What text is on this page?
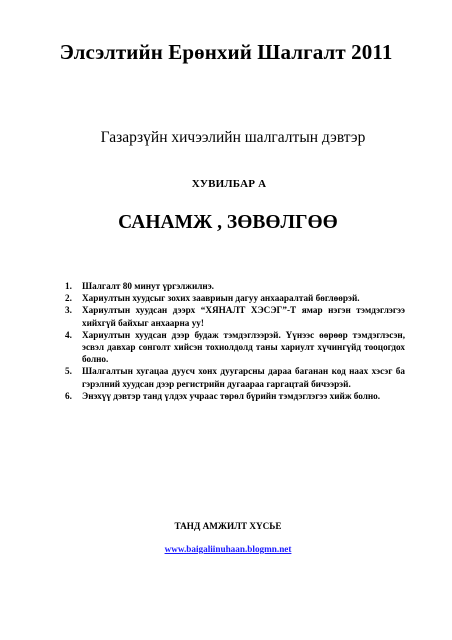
Элсэлтийн Ерөнхий Шалгалт 2011
Газарзүйн хичээлийн шалгалтын дэвтэр
ХУВИЛБАР А
САНАМЖ , ЗӨВӨЛГӨӨ
1.	Шалгалт 80 минут үргэлжилнэ.
2.	Хариултын хуудсыг зохих заавриын дагуу анхааралтай бөглөөрэй.
3.	Хариултын хуудсан дээрх “ХЯНАЛТ ХЭСЭГ”-Т ямар нэгэн тэмдэглэгээ хийхгүй байхыг анхаарна уу!
4.	Хариултын хуудсан дээр будаж тэмдэглээрэй. Үүнээс өөрөөр тэмдэглэсэн, эсвэл давхар сонголт хийсэн тохиолдолд таны хариулт хүчингүйд тооцогдох болно.
5.	Шалгалтын хугацаа дууcч хонх дуугарсны дараа баганан код наах хэсэг ба гэрэлний хуудсан дээр регистрийн дугаараа гаргацтай бичээрэй.
6.	Энэхүү дэвтэр танд үлдэх учраас төрөл бүрийн тэмдэглэгээ хийж болно.
ТАНД АМЖИЛТ ХҮСЬЕ
www.baigaliinuhaan.blogmn.net
